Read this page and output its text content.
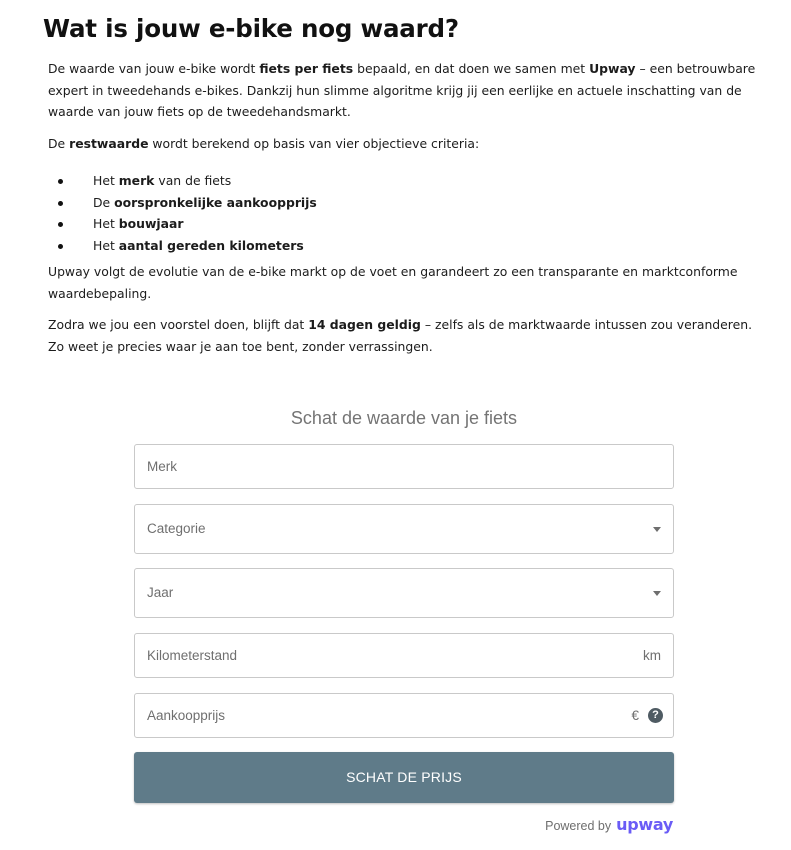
Wat is jouw e-bike nog waard?

De waarde van jouw e-bike wordt fiets per fiets bepaald, en dat doen we samen met Upway – een betrouwbare expert in tweedehands e-bikes. Dankzij hun slimme algoritme krijg jij een eerlijke en actuele inschatting van de waarde van jouw fiets op de tweedehandsmarkt.

De restwaarde wordt berekend op basis van vier objectieve criteria:

Het merk van de fiets
De oorspronkelijke aankoopprijs
Het bouwjaar
Het aantal gereden kilometers

Upway volgt de evolutie van de e-bike markt op de voet en garandeert zo een transparante en marktconforme waardebepaling.

Zodra we jou een voorstel doen, blijft dat 14 dagen geldig – zelfs als de marktwaarde intussen zou veranderen. Zo weet je precies waar je aan toe bent, zonder verrassingen.

Schat de waarde van je fiets
Merk
Categorie
Jaar
Kilometerstand	km
Aankoopprijs	€	?
SCHAT DE PRIJS
Powered by upway
